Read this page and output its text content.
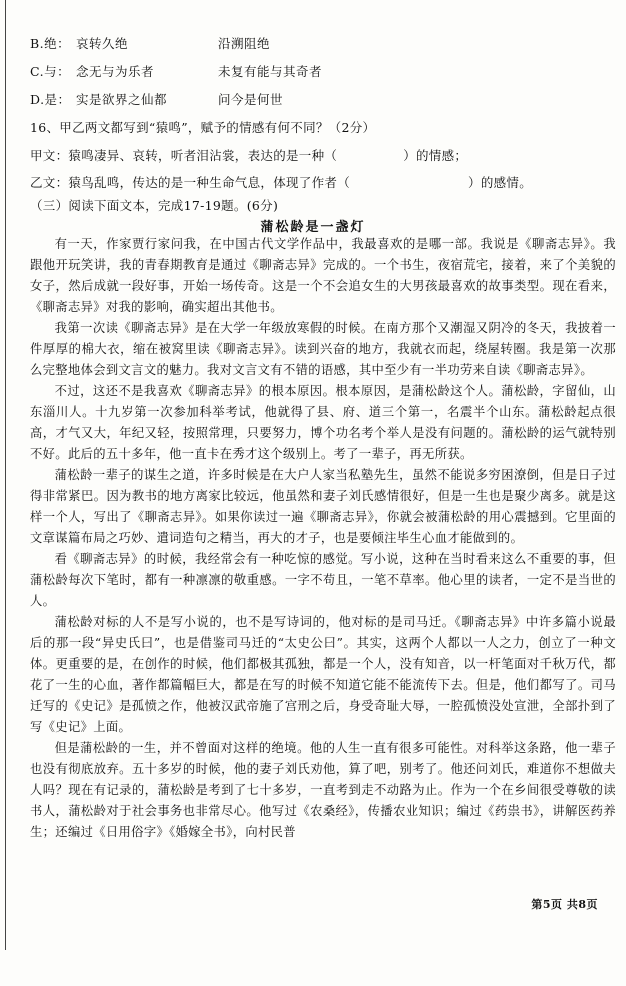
B.绝： 哀转久绝	沿溯阻绝
C.与： 念无与为乐者	未复有能与其奇者
D.是： 实是欲界之仙都	问今是何世
16、甲乙两文都写到“猿鸣”，赋予的情感有何不同？（2分）
甲文：猿鸣凄异、哀转，听者泪沾裳，表达的是一种（	）的情感；
乙文：猿鸟乱鸣，传达的是一种生命气息，体现了作者（	）的感情。
（三）阅读下面文本，完成17-19题。(6分)
蒲松龄是一盏灯

有一天，作家贾行家问我，在中国古代文学作品中，我最喜欢的是哪一部。我说是《聊斋志异》。我跟他开玩笑讲，我的青春期教育是通过《聊斋志异》完成的。一个书生，夜宿荒宅，接着，来了个美貌的女子，然后成就一段好事，开始一场传奇。这是一个不会追女生的大男孩最喜欢的故事类型。现在看来，《聊斋志异》对我的影响，确实超出其他书。

我第一次读《聊斋志异》是在大学一年级放寒假的时候。在南方那个又潮湿又阴冷的冬天，我披着一件厚厚的棉大衣，缩在被窝里读《聊斋志异》。读到兴奋的地方，我就衣而起，绕屋转圈。我是第一次那么完整地体会到文言文的魅力。我对文言文有不错的语感，其中至少有一半功劳来自读《聊斋志异》。

不过，这还不是我喜欢《聊斋志异》的根本原因。根本原因，是蒲松龄这个人。蒲松龄，字留仙，山东淄川人。十九岁第一次参加科举考试，他就得了县、府、道三个第一，名震半个山东。蒲松龄起点很高，才气又大，年纪又轻，按照常理，只要努力，博个功名考个举人是没有问题的。蒲松龄的运气就特别不好。此后的五十多年，他一直卡在秀才这个级别上。考了一辈子，再无所获。

蒲松龄一辈子的谋生之道，许多时候是在大户人家当私塾先生，虽然不能说多穷困潦倒，但是日子过得非常紧巴。因为教书的地方离家比较远，他虽然和妻子刘氏感情很好，但是一生也是聚少离多。就是这样一个人，写出了《聊斋志异》。如果你读过一遍《聊斋志异》，你就会被蒲松龄的用心震撼到。它里面的文章谋篇布局之巧妙、遣词造句之精当，再大的才子，也是要倾注毕生心血才能做到的。

看《聊斋志异》的时候，我经常会有一种吃惊的感觉。写小说，这种在当时看来这么不重要的事，但蒲松龄每次下笔时，都有一种凛凛的敬重感。一字不苟且，一笔不草率。他心里的读者，一定不是当世的人。

蒲松龄对标的人不是写小说的，也不是写诗词的，他对标的是司马迁。《聊斋志异》中许多篇小说最后的那一段“异史氏曰”，也是借鉴司马迁的“太史公曰”。其实，这两个人都以一人之力，创立了一种文体。更重要的是，在创作的时候，他们都极其孤独，都是一个人，没有知音，以一杆笔面对千秋万代，都花了一生的心血，著作都篇幅巨大，都是在写的时候不知道它能不能流传下去。但是，他们都写了。司马迁写的《史记》是孤愤之作，他被汉武帝施了宫刑之后，身受奇耻大辱，一腔孤愤没处宣泄，全部扑到了写《史记》上面。

但是蒲松龄的一生，并不曾面对这样的绝境。他的人生一直有很多可能性。对科举这条路，他一辈子也没有彻底放弃。五十多岁的时候，他的妻子刘氏劝他，算了吧，别考了。他还问刘氏，难道你不想做夫人吗？现在有记录的，蒲松龄是考到了七十多岁，一直考到走不动路为止。作为一个在乡间很受尊敬的读书人，蒲松龄对于社会事务也非常尽心。他写过《农桑经》，传播农业知识；编过《药祟书》，讲解医药养生；还编过《日用俗字》《婚嫁全书》，向村民普

第5页 共8页
